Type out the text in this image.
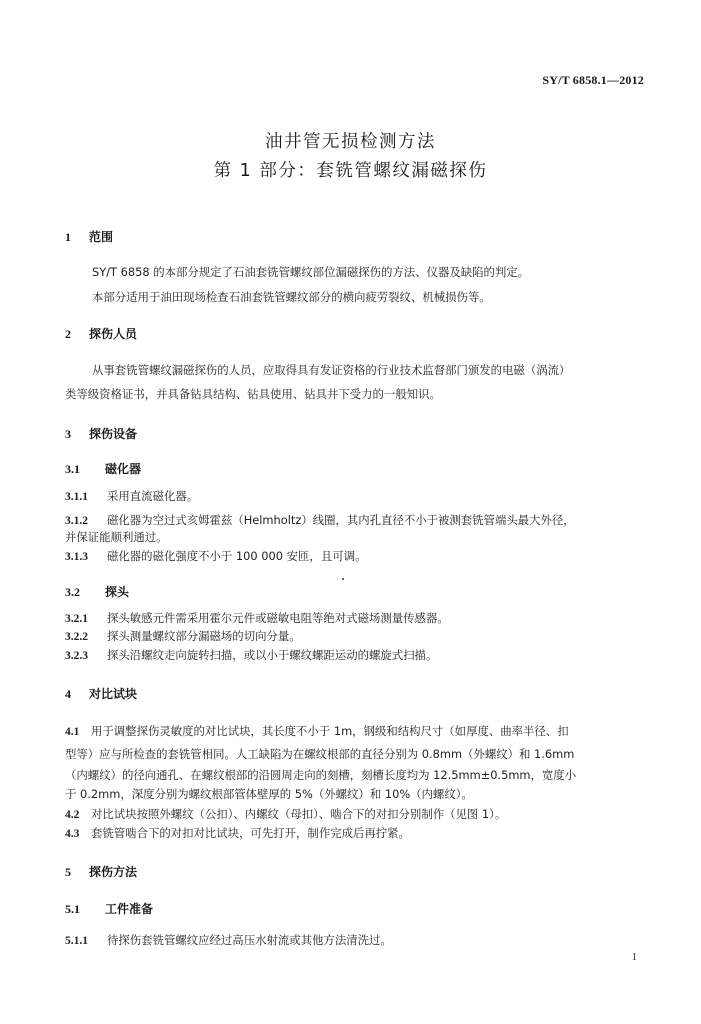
SY/T 6858.1—2012
油井管无损检测方法
第 1 部分：套铣管螺纹漏磁探伤
1 范围
SY/T 6858 的本部分规定了石油套铣管螺纹部位漏磁探伤的方法、仪器及缺陷的判定。
本部分适用于油田现场检查石油套铣管螺纹部分的横向疲劳裂纹、机械损伤等。
2 探伤人员
从事套铣管螺纹漏磁探伤的人员，应取得具有发证资格的行业技术监督部门颁发的电磁（涡流）
类等级资格证书，并具备钻具结构、钻具使用、钻具井下受力的一般知识。
3 探伤设备
3.1 磁化器
3.1.1 采用直流磁化器。
3.1.2 磁化器为空过式亥姆霍兹（Helmholtz）线圈，其内孔直径不小于被测套铣管端头最大外径，
并保证能顺利通过。
3.1.3 磁化器的磁化强度不小于 100 000 安匝，且可调。
3.2 探头
3.2.1 探头敏感元件需采用霍尔元件或磁敏电阻等绝对式磁场测量传感器。
3.2.2 探头测量螺纹部分漏磁场的切向分量。
3.2.3 探头沿螺纹走向旋转扫描，或以小于螺纹螺距运动的螺旋式扫描。
4 对比试块
4.1 用于调整探伤灵敏度的对比试块，其长度不小于 1m，钢级和结构尺寸（如厚度、曲率半径、扣
型等）应与所检查的套铣管相同。人工缺陷为在螺纹根部的直径分别为 0.8mm（外螺纹）和 1.6mm
（内螺纹）的径向通孔、在螺纹根部的沿圆周走向的刻槽，刻槽长度均为 12.5mm±0.5mm，宽度小
于 0.2mm，深度分别为螺纹根部管体壁厚的 5%（外螺纹）和 10%（内螺纹）。
4.2 对比试块按照外螺纹（公扣）、内螺纹（母扣）、啮合下的对扣分别制作（见图 1）。
4.3 套铣管啮合下的对扣对比试块，可先打开，制作完成后再拧紧。
5 探伤方法
5.1 工件准备
5.1.1 待探伤套铣管螺纹应经过高压水射流或其他方法清洗过。
1
